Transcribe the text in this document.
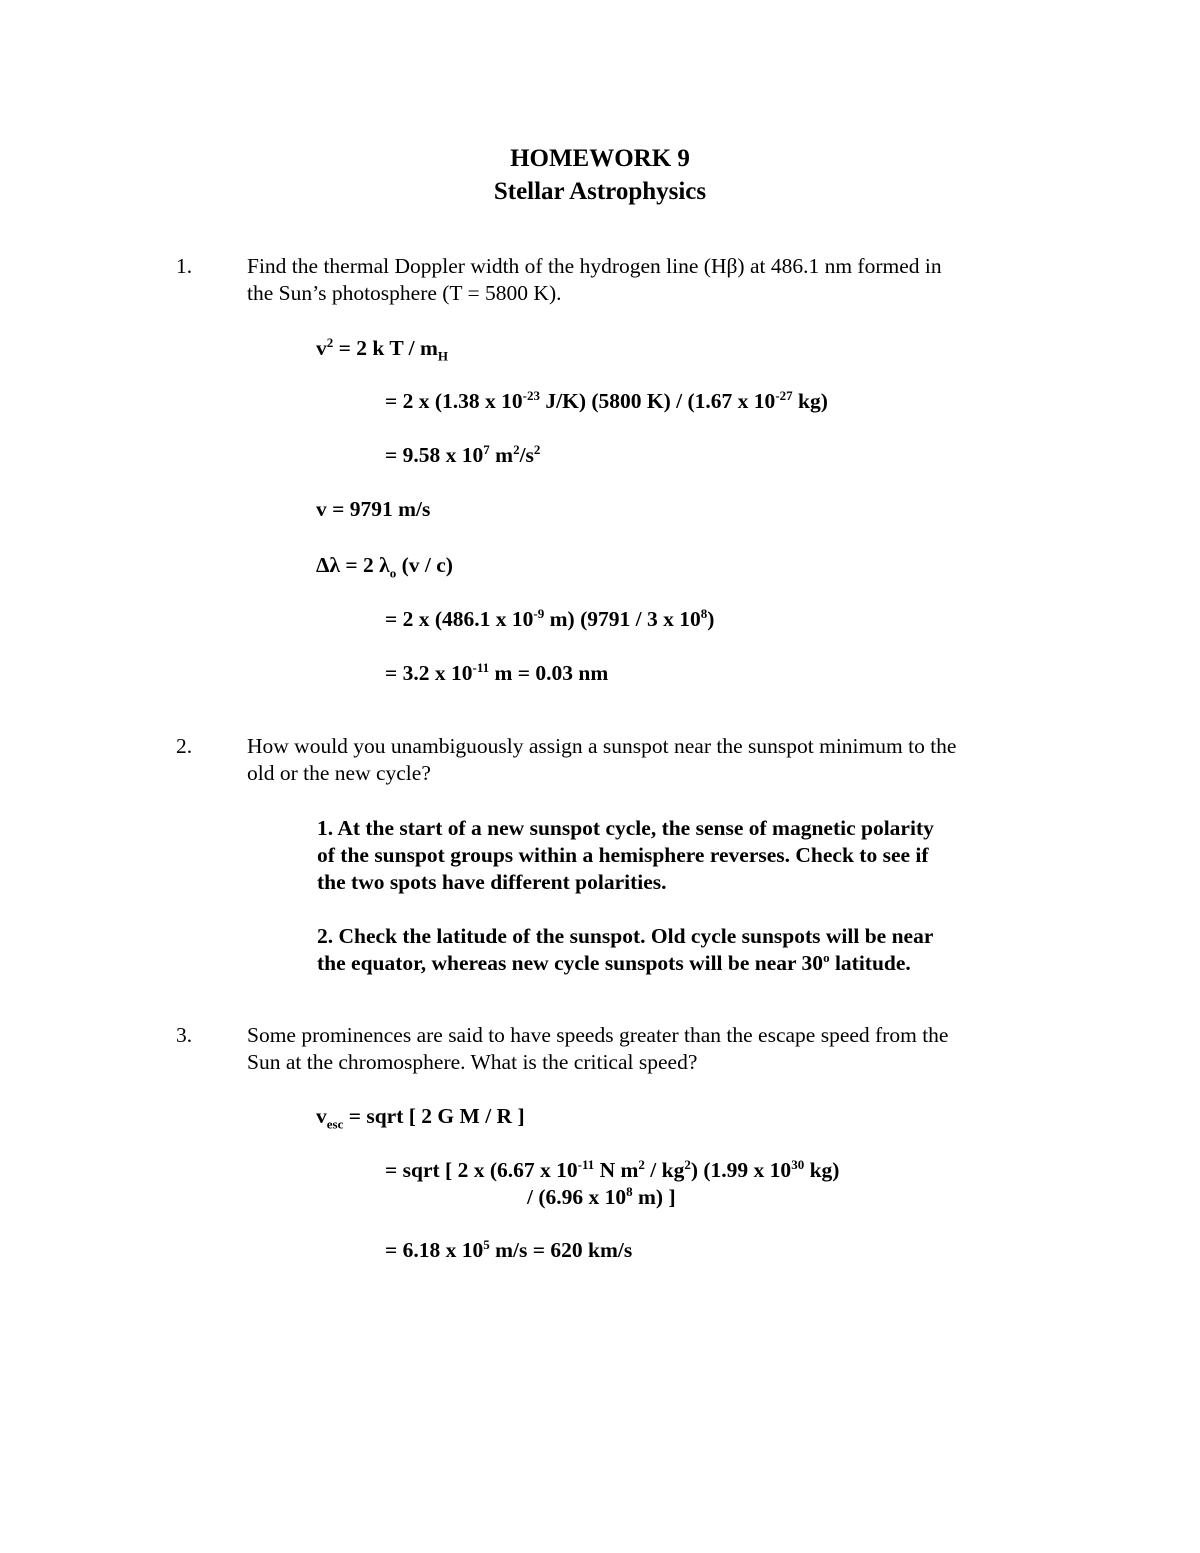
HOMEWORK 9
Stellar Astrophysics
1.	Find the thermal Doppler width of the hydrogen line (Hβ) at 486.1 nm formed in
the Sun’s photosphere (T = 5800 K).
$v^2 = 2$ k T / $m_H$
= 2 x (1.38 x $10^{-23}$ J/K) (5800 K) / (1.67 x $10^{-27}$ kg)
= 9.58 x $10^7$ $m^2/s^2$
v = 9791 m/s
Δλ = 2 $\lambda_o$ (v / c)
= 2 x (486.1 x $10^{-9}$ m) (9791 / 3 x $10^8$)
= 3.2 x $10^{-11}$ m = 0.03 nm
2.	How would you unambiguously assign a sunspot near the sunspot minimum to the
old or the new cycle?
1. At the start of a new sunspot cycle, the sense of magnetic polarity
of the sunspot groups within a hemisphere reverses. Check to see if
the two spots have different polarities.
2. Check the latitude of the sunspot. Old cycle sunspots will be near
the equator, whereas new cycle sunspots will be near 30$^o$ latitude.
3.	Some prominences are said to have speeds greater than the escape speed from the
Sun at the chromosphere. What is the critical speed?
$v_{esc}$ = sqrt [ 2 G M / R ]
= sqrt [ 2 x (6.67 x $10^{-11}$ N $m^2 / kg^2$) (1.99 x $10^{30}$ kg)
/ (6.96 x $10^8$ m) ]
= 6.18 x $10^5$ m/s = 620 km/s
